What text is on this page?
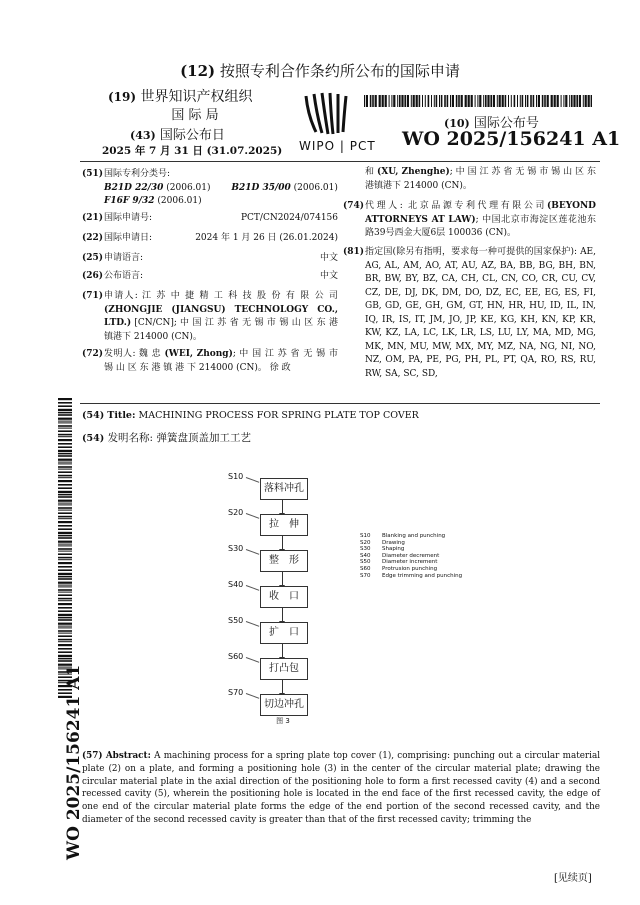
(12) 按照专利合作条约所公布的国际申请
(19) 世界知识产权组织
国 际 局
(43) 国际公布日
2025 年 7 月 31 日 (31.07.2025) WIPO | PCT
(10) 国际公布号
WO 2025/156241 A1
(51) 国际专利分类号:
B21D 22/30 (2006.01) B21D 35/00 (2006.01)
F16F 9/32 (2006.01)
(21) 国际申请号:	PCT/CN2024/074156
(22) 国际申请日:	2024 年 1 月 26 日 (26.01.2024)
(25) 申请语言:	中文
(26) 公布语言:	中文
(71) 申请人: 江 苏 中 捷 精 工 科 技 股 份 有 限 公 司 (ZHONGJIE (JIANGSU) TECHNOLOGY CO., LTD.) [CN/CN]; 中 国 江 苏 省 无 锡 市 锡 山 区 东 港 镇港下 214000 (CN)。
(72) 发明人: 魏 忠 (WEI, Zhong); 中 国 江 苏 省 无 锡 市 锡 山 区 东 港 镇 港 下 214000 (CN)。 徐 政
和 (XU, Zhenghe); 中 国 江 苏 省 无 锡 市 锡 山 区 东港镇港下 214000 (CN)。
(74) 代理人: 北京品源专利代理有限公司(BEYOND ATTORNEYS AT LAW); 中国北京市海淀区莲花池东路39号西金大厦6层 100036 (CN)。
(81) 指定国(除另有指明，要求每一种可提供的国家保护): AE, AG, AL, AM, AO, AT, AU, AZ, BA, BB, BG, BH, BN, BR, BW, BY, BZ, CA, CH, CL, CN, CO, CR, CU, CV, CZ, DE, DJ, DK, DM, DO, DZ, EC, EE, EG, ES, FI, GB, GD, GE, GH, GM, GT, HN, HR, HU, ID, IL, IN, IQ, IR, IS, IT, JM, JO, JP, KE, KG, KH, KN, KP, KR, KW, KZ, LA, LC, LK, LR, LS, LU, LY, MA, MD, MG, MK, MN, MU, MW, MX, MY, MZ, NA, NG, NI, NO, NZ, OM, PA, PE, PG, PH, PL, PT, QA, RO, RS, RU, RW, SA, SC, SD,
WO 2025/156241 A1
(54) Title: MACHINING PROCESS FOR SPRING PLATE TOP COVER
(54) 发明名称: 弹簧盘顶盖加工工艺
S10
落料冲孔
S20
拉　伸
S30
整　形
S40
收　口
S50
扩　口
S60
打凸包
S70
切边冲孔
S10 Blanking and punching
S20 Drawing
S30 Shaping
S40 Diameter decrement
S50 Diameter increment
S60 Protrusion punching
S70 Edge trimming and punching
图 3
(57) Abstract: A machining process for a spring plate top cover (1), comprising: punching out a circular material plate (2) on a plate, and forming a positioning hole (3) in the center of the circular material plate; drawing the circular material plate in the axial direction of the positioning hole to form a first recessed cavity (4) and a second recessed cavity (5), wherein the positioning hole is located in the end face of the first recessed cavity, the edge of one end of the circular material plate forms the edge of the end portion of the second recessed cavity, and the diameter of the second recessed cavity is greater than that of the first recessed cavity; trimming the
[见续页]
